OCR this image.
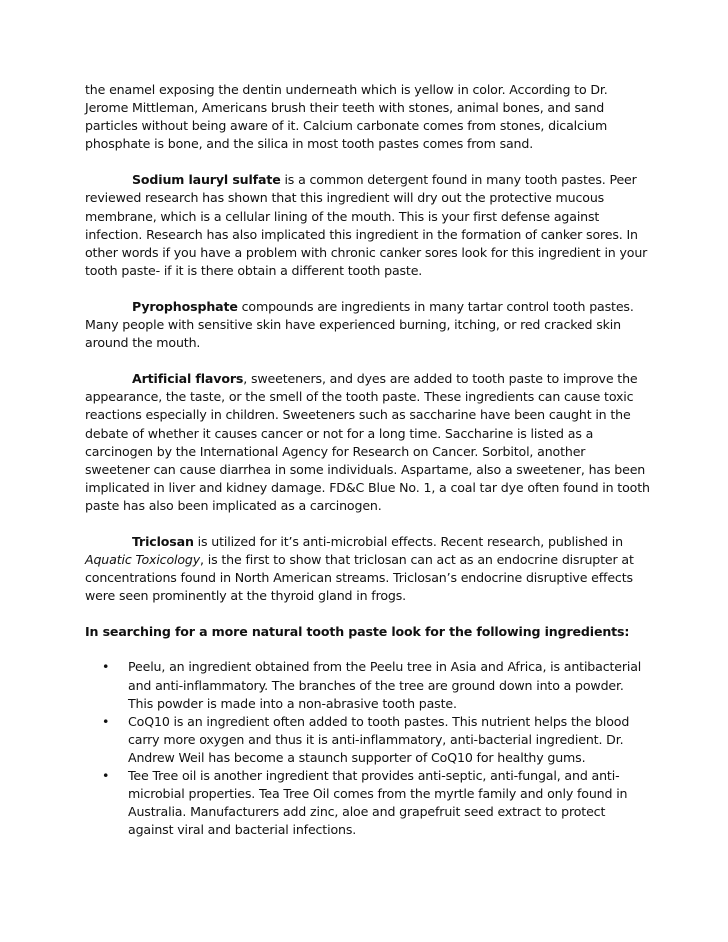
the enamel exposing the dentin underneath which is yellow in color. According to Dr. Jerome Mittleman, Americans brush their teeth with stones, animal bones, and sand particles without being aware of it. Calcium carbonate comes from stones, dicalcium phosphate is bone, and the silica in most tooth pastes comes from sand.

Sodium lauryl sulfate is a common detergent found in many tooth pastes. Peer reviewed research has shown that this ingredient will dry out the protective mucous membrane, which is a cellular lining of the mouth. This is your first defense against infection. Research has also implicated this ingredient in the formation of canker sores. In other words if you have a problem with chronic canker sores look for this ingredient in your tooth paste- if it is there obtain a different tooth paste.

Pyrophosphate compounds are ingredients in many tartar control tooth pastes. Many people with sensitive skin have experienced burning, itching, or red cracked skin around the mouth.

Artificial flavors, sweeteners, and dyes are added to tooth paste to improve the appearance, the taste, or the smell of the tooth paste. These ingredients can cause toxic reactions especially in children. Sweeteners such as saccharine have been caught in the debate of whether it causes cancer or not for a long time. Saccharine is listed as a carcinogen by the International Agency for Research on Cancer. Sorbitol, another sweetener can cause diarrhea in some individuals. Aspartame, also a sweetener, has been implicated in liver and kidney damage. FD&C Blue No. 1, a coal tar dye often found in tooth paste has also been implicated as a carcinogen.

Triclosan is utilized for it’s anti-microbial effects. Recent research, published in Aquatic Toxicology, is the first to show that triclosan can act as an endocrine disrupter at concentrations found in North American streams. Triclosan’s endocrine disruptive effects were seen prominently at the thyroid gland in frogs.

In searching for a more natural tooth paste look for the following ingredients:

• Peelu, an ingredient obtained from the Peelu tree in Asia and Africa, is antibacterial and anti-inflammatory. The branches of the tree are ground down into a powder. This powder is made into a non-abrasive tooth paste.
• CoQ10 is an ingredient often added to tooth pastes. This nutrient helps the blood carry more oxygen and thus it is anti-inflammatory, anti-bacterial ingredient. Dr. Andrew Weil has become a staunch supporter of CoQ10 for healthy gums.
• Tee Tree oil is another ingredient that provides anti-septic, anti-fungal, and anti-microbial properties. Tea Tree Oil comes from the myrtle family and only found in Australia. Manufacturers add zinc, aloe and grapefruit seed extract to protect against viral and bacterial infections.
